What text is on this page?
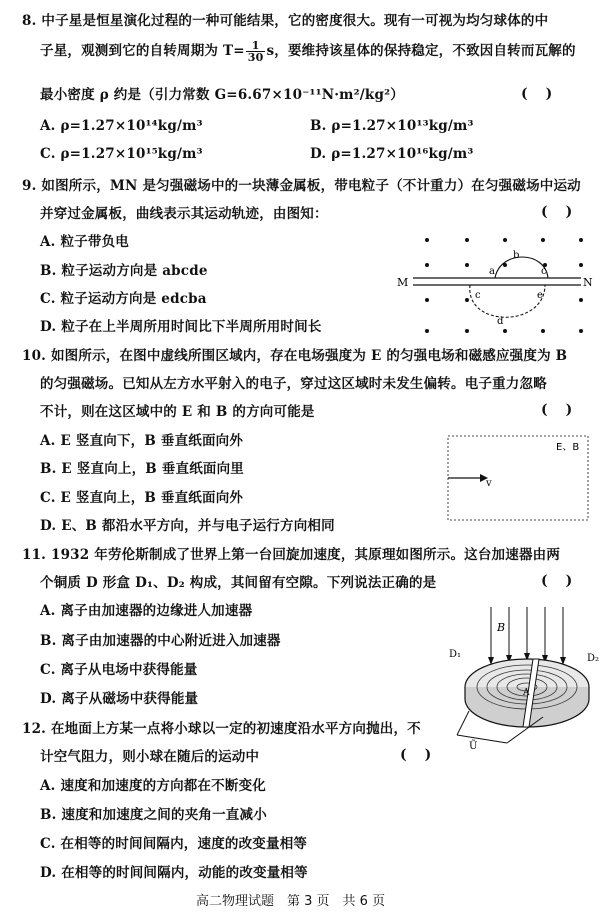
8. 中子星是恒星演化过程的一种可能结果，它的密度很大。现有一可视为均匀球体的中
子星，观测到它的自转周期为 $T= \frac{1}{30}$ s，要维持该星体的保持稳定，不致因自转而瓦解的
最小密度 ρ 约是（引力常数 G=6.67×10⁻¹¹N·m²/kg²）	()
A. ρ=1.27×10¹⁴kg/m³	B. ρ=1.27×10¹³kg/m³
C. ρ=1.27×10¹⁵kg/m³	D. ρ=1.27×10¹⁶kg/m³
9. 如图所示，MN 是匀强磁场中的一块薄金属板，带电粒子（不计重力）在匀强磁场中运动
并穿过金属板，曲线表示其运动轨迹，由图知：	()
A. 粒子带负电
B. 粒子运动方向是 abcde
C. 粒子运动方向是 edcba
D. 粒子在上半周所用时间比下半周所用时间长
M	N
a
b
c
c
d
e
10. 如图所示，在图中虚线所围区域内，存在电场强度为 E 的匀强电场和磁感应强度为 B
的匀强磁场。已知从左方水平射入的电子，穿过这区域时未发生偏转。电子重力忽略
不计，则在这区域中的 E 和 B 的方向可能是	()
A. E 竖直向下，B 垂直纸面向外
B. E 竖直向上，B 垂直纸面向里
C. E 竖直向上，B 垂直纸面向外
D. E、B 都沿水平方向，并与电子运行方向相同
E、B
v
11. 1932 年劳伦斯制成了世界上第一台回旋加速度，其原理如图所示。这台加速器由两
个铜质 D 形盒 D₁、D₂ 构成，其间留有空隙。下列说法正确的是	()
A. 离子由加速器的边缘进人加速器
B. 离子由加速器的中心附近进入加速器
C. 离子从电场中获得能量
D. 离子从磁场中获得能量
B
D₁	D₂
A
Ũ
12. 在地面上方某一点将小球以一定的初速度沿水平方向抛出，不
计空气阻力，则小球在随后的运动中	()
A. 速度和加速度的方向都在不断变化
B. 速度和加速度之间的夹角一直减小
C. 在相等的时间间隔内，速度的改变量相等
D. 在相等的时间间隔内，动能的改变量相等
高二物理试题　第 3 页　共 6 页
